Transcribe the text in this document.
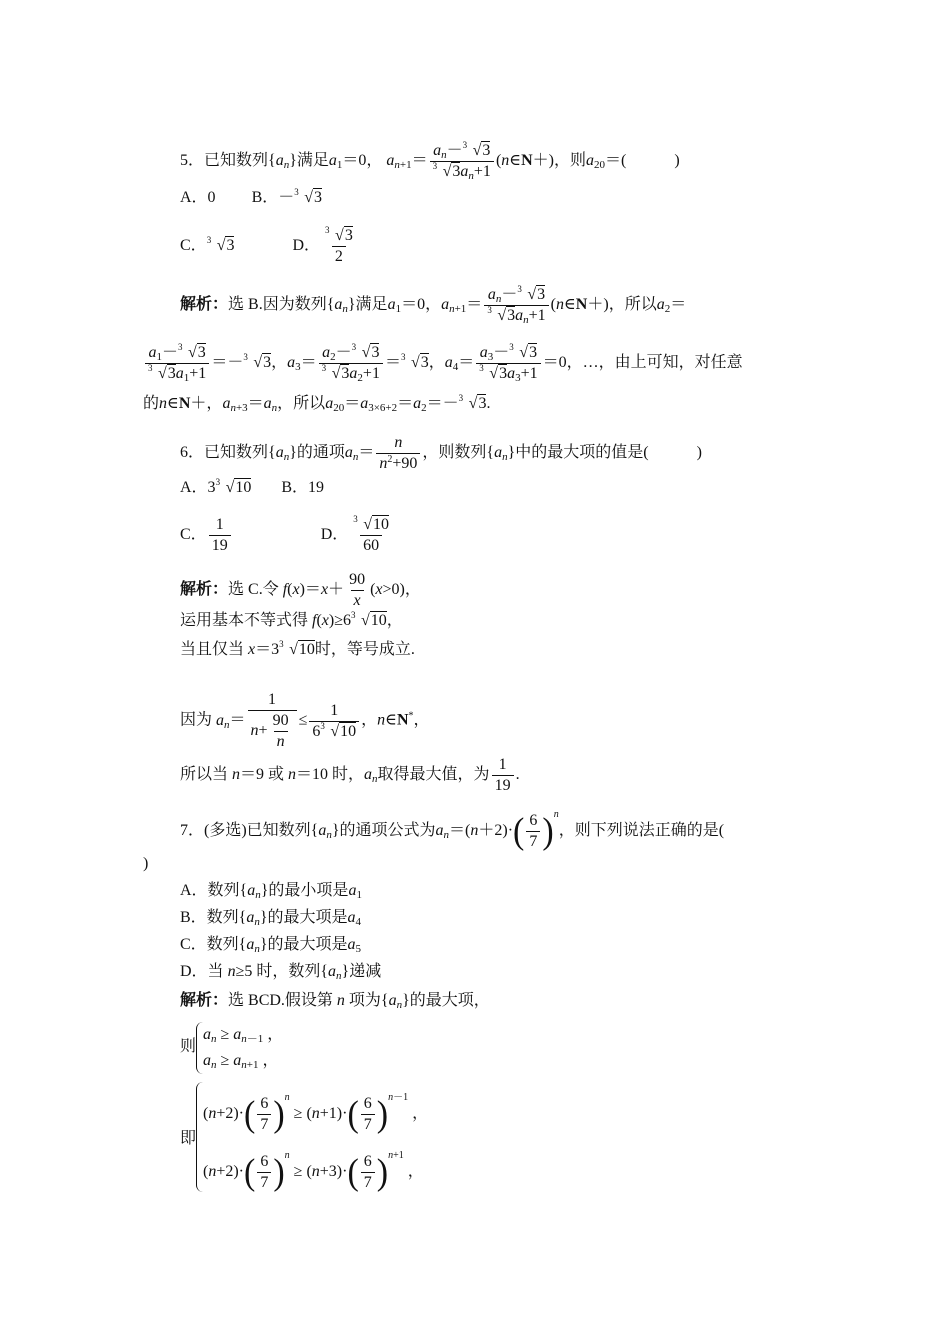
5．已知数列$\{a_n\}$满足$a_1=0$， $a_{n+1}= \frac{a_n- 3 √3}{3 √3a_n+1}$ (n∈N＋)，则$a_{20}=$(　　　)
A．0 B．－ 3 √3
C． 3 √3	D． $\frac{3 √3}{2}$
解析：选 B.因为数列$\{a_n\}$满足$a_1=0$，$a_{n+1}= \frac{a_n- 3 √3}{3 √3a_n+1}$ (n∈N＋)，所以$a_2=$
$\frac{a_1- 3 √3}{3 √3a_1+1} =- 3$ √3，$a_3= \frac{a_2- 3 √3}{3 √3a_2+1} = 3$ √3，$a_4= \frac{a_3- 3 √3}{3 √3a_3+1} =0$，…，由上可知，对任意
的n∈N＋，$a_{n+3}=a_n$，所以$a_{20}=a_{3\times 6+2}=a_2=- 3$ √3.
6．已知数列$\{a_n\}$的通项$a_n= \frac{n}{n^2+90}$ ，则数列$\{a_n\}$中的最大项的值是(　　　)
A．3 3 √10 B．19
C． $\frac{1}{19}$	D． $\frac{3 √10}{60}$
解析：选 C.令 $f(x)=x+ \frac{90}{x} (x>0)$，
运用基本不等式得 f(x)≥6 3 √10，
当且仅当 x＝3 3 √10时，等号成立.
因为 $a_n= \frac{1}{n+ \frac{90}{n}} \le \frac{1}{6 3 √10}$ ，n∈N*，
所以当 n＝9 或 n＝10 时，$a_n$取得最大值，为 $\frac{1}{19}$ .
7．(多选)已知数列$\{a_n\}$的通项公式为$a_n=(n+2)\cdot( \frac{6}{7} )^n$，则下列说法正确的是(
)
A．数列$\{a_n\}$的最小项是$a_1$
B．数列$\{a_n\}$的最大项是$a_4$
C．数列$\{a_n\}$的最大项是$a_5$
D．当 n≥5 时，数列$\{a_n\}$递减
解析：选 BCD.假设第 n 项为$\{a_n\}$的最大项，
则
$a_n \ge a_{n-1}$ ，
$a_n \ge a_{n+1}$ ，
即
$(n+2)\cdot( \frac{6}{7} )^n \ge (n+1)\cdot( \frac{6}{7} )^{n-1}$ ，
$(n+2)\cdot( \frac{6}{7} )^n \ge (n+3)\cdot( \frac{6}{7} )^{n+1}$ ，
